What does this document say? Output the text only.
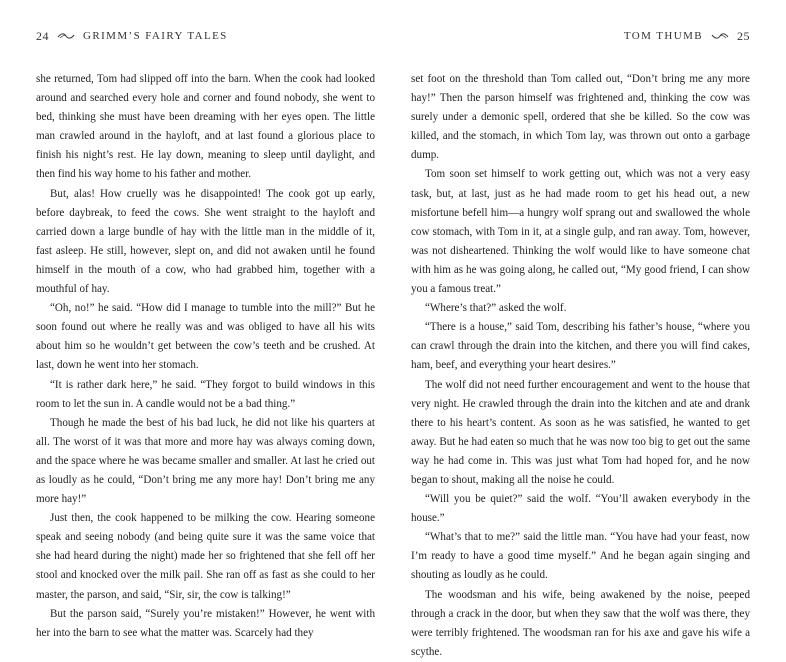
24	GRIMM’S FAIRY TALES

she returned, Tom had slipped off into the barn. When the cook had looked around and searched every hole and corner and found nobody, she went to bed, thinking she must have been dreaming with her eyes open. The little man crawled around in the hayloft, and at last found a glorious place to finish his night’s rest. He lay down, meaning to sleep until daylight, and then find his way home to his father and mother.

But, alas! How cruelly was he disappointed! The cook got up early, before daybreak, to feed the cows. She went straight to the hayloft and carried down a large bundle of hay with the little man in the middle of it, fast asleep. He still, however, slept on, and did not awaken until he found himself in the mouth of a cow, who had grabbed him, together with a mouthful of hay.

“Oh, no!” he said. “How did I manage to tumble into the mill?” But he soon found out where he really was and was obliged to have all his wits about him so he wouldn’t get between the cow’s teeth and be crushed. At last, down he went into her stomach.

“It is rather dark here,” he said. “They forgot to build windows in this room to let the sun in. A candle would not be a bad thing.”

Though he made the best of his bad luck, he did not like his quarters at all. The worst of it was that more and more hay was always coming down, and the space where he was became smaller and smaller. At last he cried out as loudly as he could, “Don’t bring me any more hay! Don’t bring me any more hay!”

Just then, the cook happened to be milking the cow. Hearing someone speak and seeing nobody (and being quite sure it was the same voice that she had heard during the night) made her so frightened that she fell off her stool and knocked over the milk pail. She ran off as fast as she could to her master, the parson, and said, “Sir, sir, the cow is talking!”

But the parson said, “Surely you’re mistaken!” However, he went with her into the barn to see what the matter was. Scarcely had they

TOM THUMB	25

set foot on the threshold than Tom called out, “Don’t bring me any more hay!” Then the parson himself was frightened and, thinking the cow was surely under a demonic spell, ordered that she be killed. So the cow was killed, and the stomach, in which Tom lay, was thrown out onto a garbage dump.

Tom soon set himself to work getting out, which was not a very easy task, but, at last, just as he had made room to get his head out, a new misfortune befell him—a hungry wolf sprang out and swallowed the whole cow stomach, with Tom in it, at a single gulp, and ran away. Tom, however, was not disheartened. Thinking the wolf would like to have someone chat with him as he was going along, he called out, “My good friend, I can show you a famous treat.”

“Where’s that?” asked the wolf.

“There is a house,” said Tom, describing his father’s house, “where you can crawl through the drain into the kitchen, and there you will find cakes, ham, beef, and everything your heart desires.”

The wolf did not need further encouragement and went to the house that very night. He crawled through the drain into the kitchen and ate and drank there to his heart’s content. As soon as he was satisfied, he wanted to get away. But he had eaten so much that he was now too big to get out the same way he had come in. This was just what Tom had hoped for, and he now began to shout, making all the noise he could.

“Will you be quiet?” said the wolf. “You’ll awaken everybody in the house.”

“What’s that to me?” said the little man. “You have had your feast, now I’m ready to have a good time myself.” And he began again singing and shouting as loudly as he could.

The woodsman and his wife, being awakened by the noise, peeped through a crack in the door, but when they saw that the wolf was there, they were terribly frightened. The woodsman ran for his axe and gave his wife a scythe.
